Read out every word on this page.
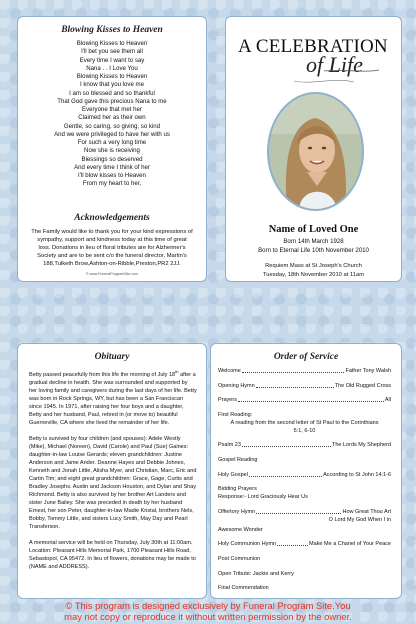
Blowing Kisses to Heaven
Blowing Kisses to Heaven
I'll bet you see them all
Every time I want to say
Nana . . I Love You
Blowing Kisses to Heaven
I know that you love me
I am so blessed and so thankful
That God gave this precious Nana to me
Everyone that met her
Claimed her as their own
Gentle, so caring, so giving, so kind
And we were privileged to have her with us
For such a very long time
Now she is receiving
Blessings so deserved
And every time I think of her
I'll blow kisses to Heaven
From my heart to her,
Acknowledgements
The Family would like to thank you for your kind expressions of sympathy, support and kindness today at this time of great loss. Donations in lieu of floral tributes are for Alzheimer's Society and are to be sent c/o the funeral director, Martin's 188,Tulketh Brow,Ashton-on-Ribble,Preston,PR2 2JJ.
© www.FuneralProgramSite.com
A CELEBRATION
of Life
Name of Loved One
Born 14th March 1928
Born to Eternal Life 10th November 2010
Requiem Mass at St Joseph's Church
Tuesday, 18th November 2010 at 11am
Obituary

Betty passed peacefully from this life the morning of July 18th after a gradual decline in health. She was surrounded and supported by her loving family and caregivers during the last days of her life. Betty was born in Rock Springs, WY, but has been a San Franciscan since 1945. In 1971, after raising her four boys and a daughter, Betty and her husband, Paul, retired in (or move to) beautiful Guerneville, CA where she lived the remainder of her life.

Betty is survived by four children (and spouses): Adele Westly (Mike), Michael (Noreen), David (Carole) and Paul (Sue) Gaines: daughter-in-law Louise Gerards; eleven grandchildren: Justine Anderson and Jame Ander. Deanne Hayes and Debbie Johnes, Kenneth and Jonah Little, Alisha Myer, and Christian, Marc, Eric and Cartin Tim; and eight great grandchildren: Grace, Gage, Curtis and Bradley Josephs. Austin and Jackson Houston, and Dylan and Shay Richmond. Betty is also survived by her brother Art Landers and sister June Bailey. She was preceded in death by her husband Ernest, her son Peter, daughter-in-law Madie Kristal, brothers Nels, Bobby, Tommy Little, and sisters Lucy Smith, May Day and Pearl Transferson.

A memorial service will be held on Thursday, July 30th at 11:00am. Location: Pleasant Hills Memorial Park, 1700 Pleasant Hills Road, Sebastopol, CA 95472. In lieu of flowers, donations may be made to (NAME and ADDRESS).

Order of Service
Welcome	Father Tony Walsh
Opening Hymn	The Old Rugged Cross
Prayers	All
First Reading:
A reading from the second letter of St Paul to the Corinthians
5:1, 6-10
Psalm 23	The Lords My Shepherd
Gospel Reading
Holy Gospel	According to St John 14:1-6
Bidding Prayers
Response:- Lord Graciously Hear Us
Offertory Hymn	How Great Thou Art
O Lord My God When I in
Awesome Wonder
Holy Communion Hymn	Make Me a Chanel of Your Peace
Post Communion
Open Tribute: Jackie and Kerry
Final Commendation
© This program is designed exclusively by Funeral Program Site.You
may not copy or reproduce it without written permission by the owner.
